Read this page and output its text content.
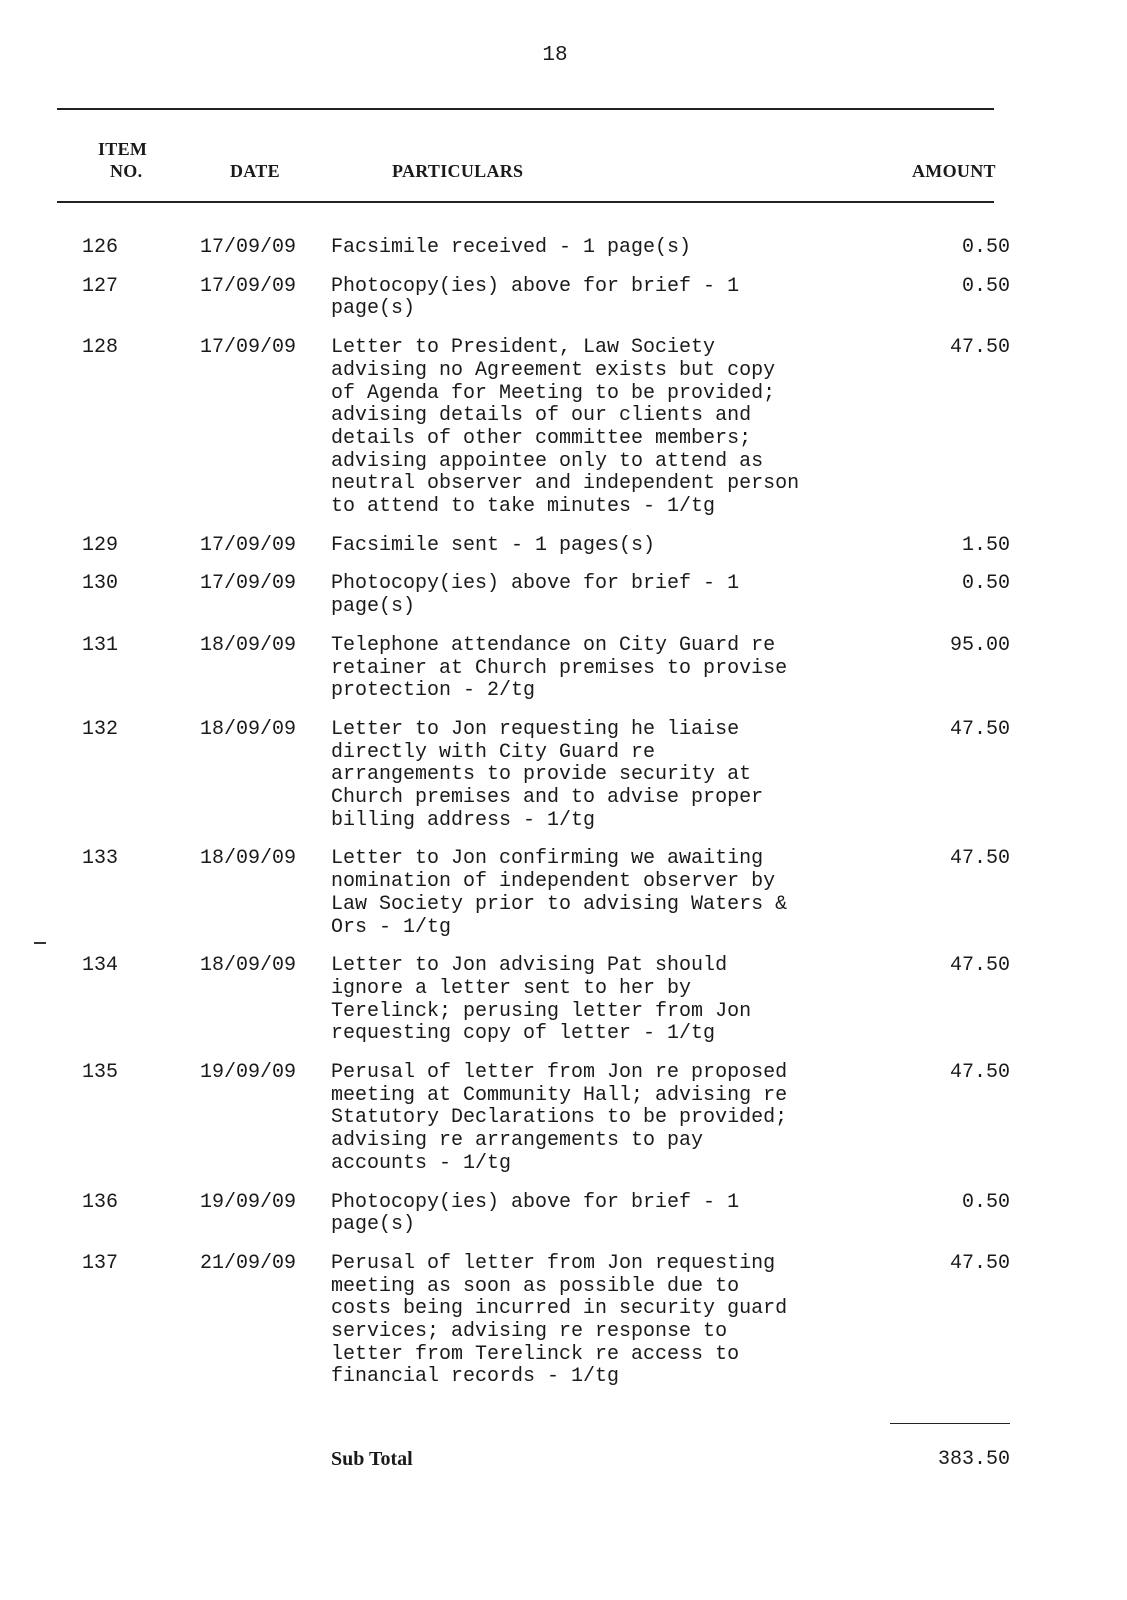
18
ITEM
NO.	DATE	PARTICULARS	AMOUNT
126	17/09/09 Facsimile received - 1 page(s)	0.50
127	17/09/09 Photocopy(ies) above for brief - 1
page(s)
0.50
128	17/09/09 Letter to President, Law Society
advising no Agreement exists but copy
of Agenda for Meeting to be provided;
advising details of our clients and
details of other committee members;
advising appointee only to attend as
neutral observer and independent person
to attend to take minutes - 1/tg
47.50
129	17/09/09 Facsimile sent - 1 pages(s)	1.50
130	17/09/09 Photocopy(ies) above for brief - 1
page(s)
0.50
131	18/09/09 Telephone attendance on City Guard re
retainer at Church premises to provise
protection - 2/tg
95.00
132	18/09/09 Letter to Jon requesting he liaise
directly with City Guard re
arrangements to provide security at
Church premises and to advise proper
billing address - 1/tg
47.50
133	18/09/09 Letter to Jon confirming we awaiting
nomination of independent observer by
Law Society prior to advising Waters &
Ors - 1/tg
47.50
134	18/09/09 Letter to Jon advising Pat should
ignore a letter sent to her by
Terelinck; perusing letter from Jon
requesting copy of letter - 1/tg
47.50
135	19/09/09 Perusal of letter from Jon re proposed
meeting at Community Hall; advising re
Statutory Declarations to be provided;
advising re arrangements to pay
accounts - 1/tg
47.50
136	19/09/09 Photocopy(ies) above for brief - 1
page(s)
0.50
137	21/09/09 Perusal of letter from Jon requesting
meeting as soon as possible due to
costs being incurred in security guard
services; advising re response to
letter from Terelinck re access to
financial records - 1/tg
47.50
Sub Total	383.50
